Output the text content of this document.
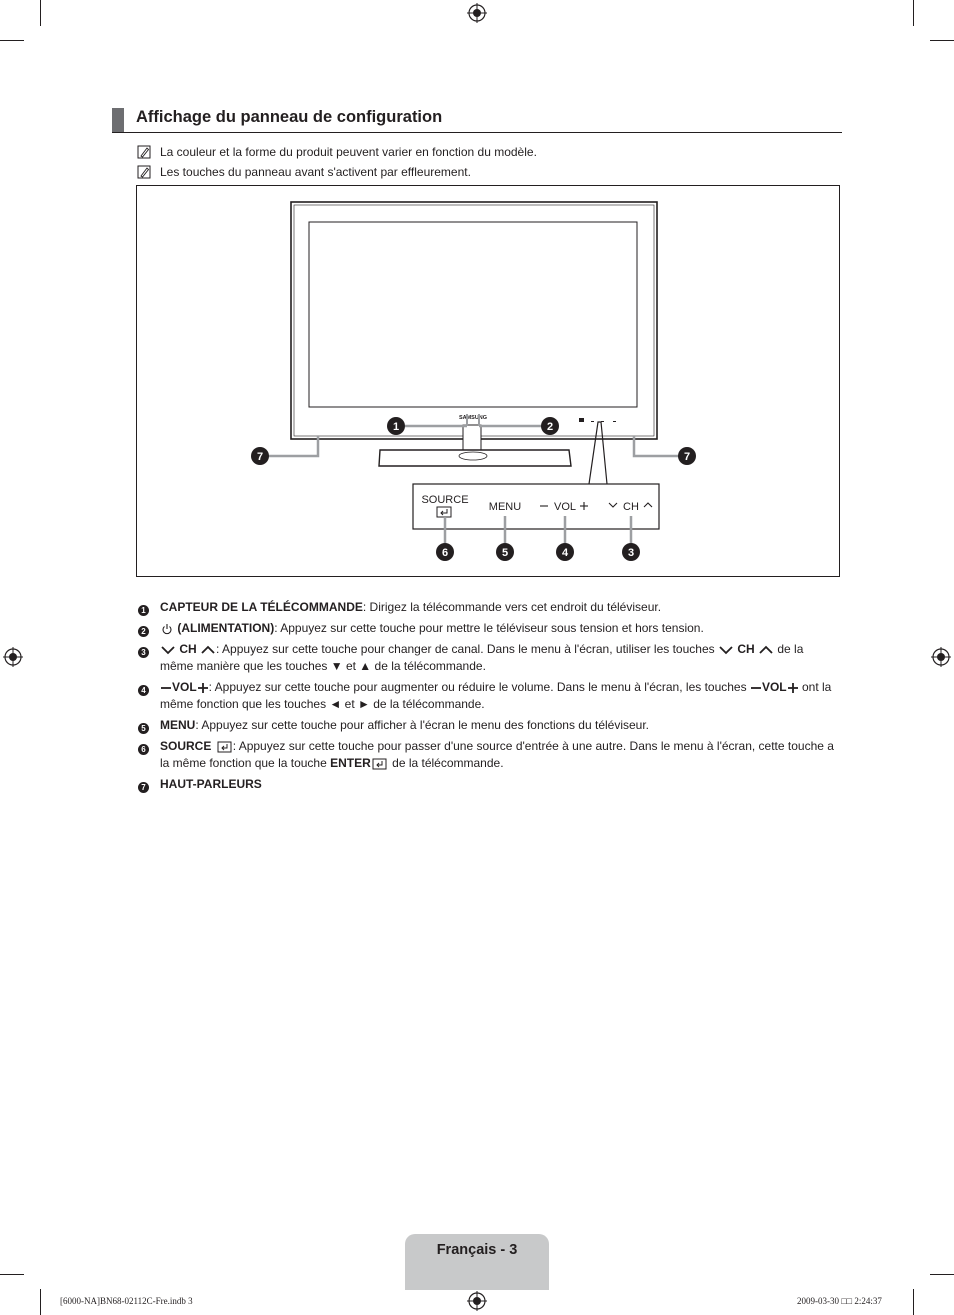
Affichage du panneau de configuration
La couleur et la forme du produit peuvent varier en fonction du modèle.
Les touches du panneau avant s'activent par effleurement.
SAMSUNG
SOURCE
MENU	VOL	CH
1	2
7	7
6	5	4	3
1	CAPTEUR DE LA TÉLÉCOMMANDE: Dirigez la télécommande vers cet endroit du téléviseur.
2	(ALIMENTATION): Appuyez sur cette touche pour mettre le téléviseur sous tension et hors tension.
3	CH : Appuyez sur cette touche pour changer de canal. Dans le menu à l'écran, utiliser les touches CH de la même manière que les touches ▼ et ▲ de la télécommande.
4	VOL : Appuyez sur cette touche pour augmenter ou réduire le volume. Dans le menu à l'écran, les touches VOL ont la même fonction que les touches ◄ et ► de la télécommande.
5	MENU: Appuyez sur cette touche pour afficher à l'écran le menu des fonctions du téléviseur.
6	SOURCE : Appuyez sur cette touche pour passer d'une source d'entrée à une autre. Dans le menu à l'écran, cette touche a la même fonction que la touche ENTER de la télécommande.
7	HAUT-PARLEURS
Français - 3
[6000-NA]BN68-02112C-Fre.indb 3	2009-03-30 □□ 2:24:37
